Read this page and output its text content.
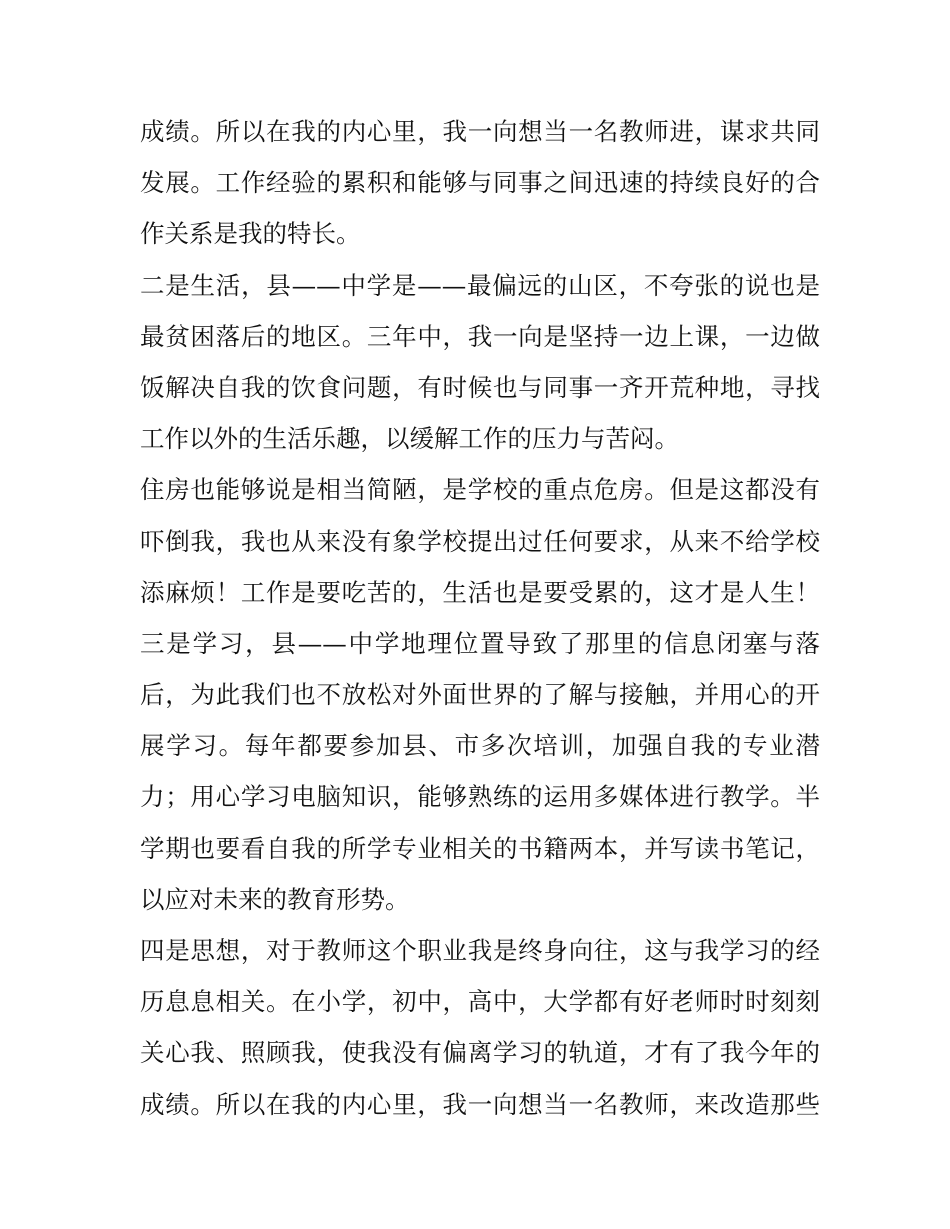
成绩。所以在我的内心里，我一向想当一名教师进，谋求共同
发展。工作经验的累积和能够与同事之间迅速的持续良好的合
作关系是我的特长。
二是生活，县——中学是——最偏远的山区，不夸张的说也是
最贫困落后的地区。三年中，我一向是坚持一边上课，一边做
饭解决自我的饮食问题，有时候也与同事一齐开荒种地，寻找
工作以外的生活乐趣，以缓解工作的压力与苦闷。
住房也能够说是相当简陋，是学校的重点危房。但是这都没有
吓倒我，我也从来没有象学校提出过任何要求，从来不给学校
添麻烦！工作是要吃苦的，生活也是要受累的，这才是人生！
三是学习，县——中学地理位置导致了那里的信息闭塞与落
后，为此我们也不放松对外面世界的了解与接触，并用心的开
展学习。每年都要参加县、市多次培训，加强自我的专业潜
力；用心学习电脑知识，能够熟练的运用多媒体进行教学。半
学期也要看自我的所学专业相关的书籍两本，并写读书笔记，
以应对未来的教育形势。
四是思想，对于教师这个职业我是终身向往，这与我学习的经
历息息相关。在小学，初中，高中，大学都有好老师时时刻刻
关心我、照顾我，使我没有偏离学习的轨道，才有了我今年的
成绩。所以在我的内心里，我一向想当一名教师，来改造那些
